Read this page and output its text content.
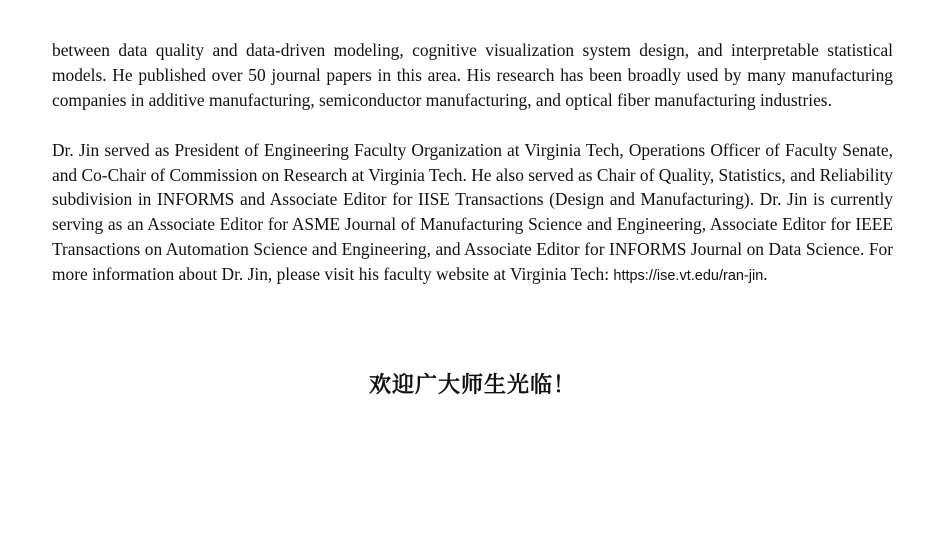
between data quality and data-driven modeling, cognitive visualization system design, and interpretable statistical models. He published over 50 journal papers in this area. His research has been broadly used by many manufacturing companies in additive manufacturing, semiconductor manufacturing, and optical fiber manufacturing industries.

Dr. Jin served as President of Engineering Faculty Organization at Virginia Tech, Operations Officer of Faculty Senate, and Co-Chair of Commission on Research at Virginia Tech. He also served as Chair of Quality, Statistics, and Reliability subdivision in INFORMS and Associate Editor for IISE Transactions (Design and Manufacturing). Dr. Jin is currently serving as an Associate Editor for ASME Journal of Manufacturing Science and Engineering, Associate Editor for IEEE Transactions on Automation Science and Engineering, and Associate Editor for INFORMS Journal on Data Science. For more information about Dr. Jin, please visit his faculty website at Virginia Tech: https://ise.vt.edu/ran-jin.

欢迎广大师生光临！
